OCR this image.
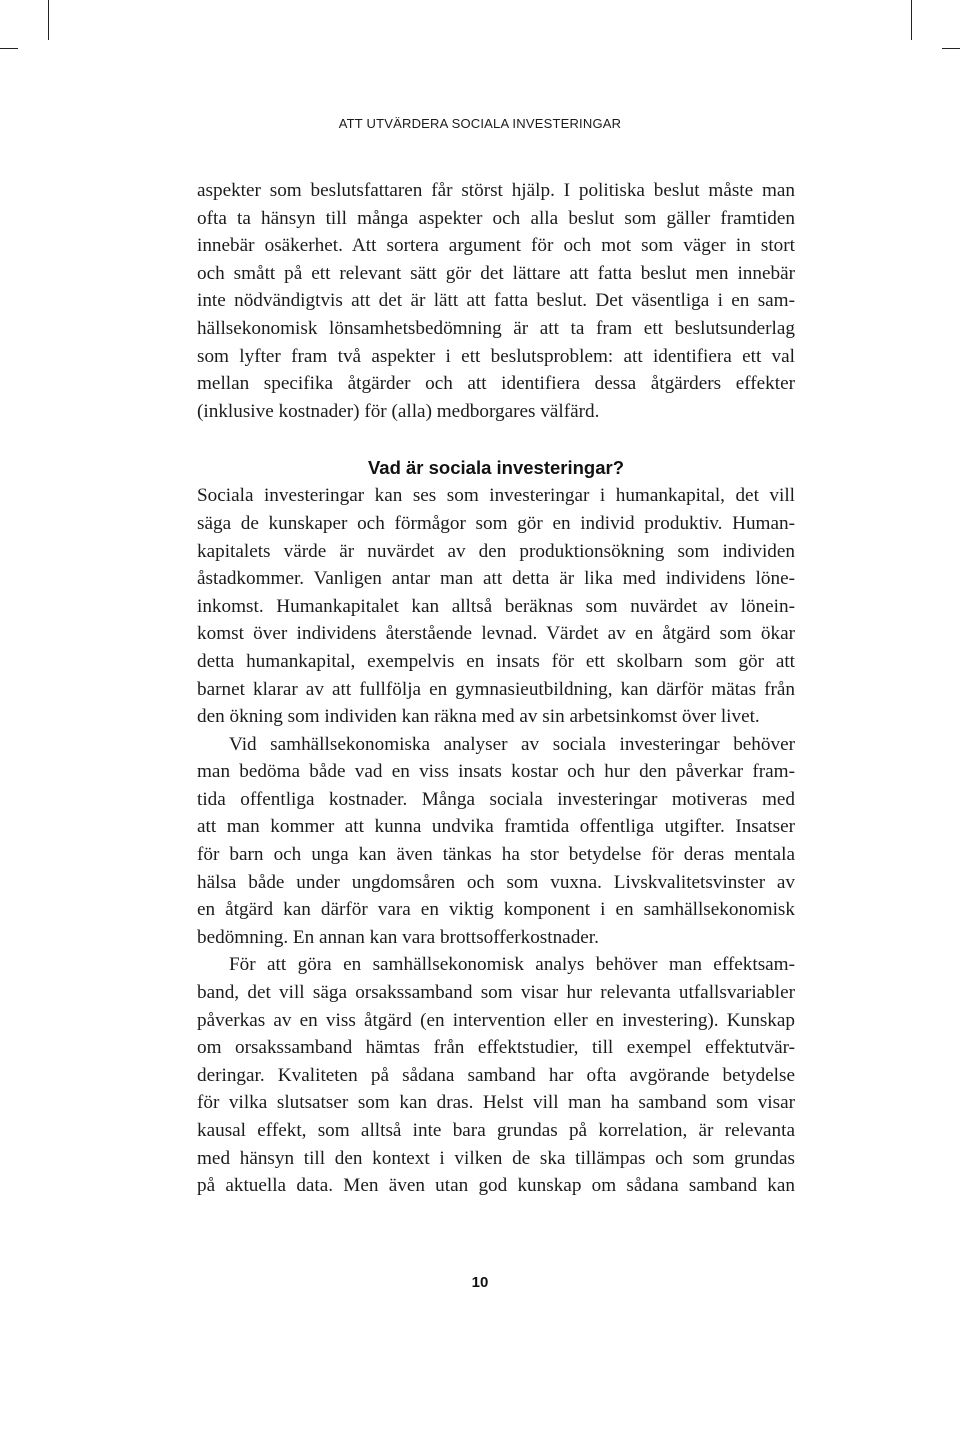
ATT UTVÄRDERA SOCIALA INVESTERINGAR
aspekter som beslutsfattaren får störst hjälp. I politiska beslut måste man
ofta ta hänsyn till många aspekter och alla beslut som gäller framtiden
innebär osäkerhet. Att sortera argument för och mot som väger in stort
och smått på ett relevant sätt gör det lättare att fatta beslut men innebär
inte nödvändigtvis att det är lätt att fatta beslut. Det väsentliga i en sam-
hällsekonomisk lönsamhetsbedömning är att ta fram ett beslutsunderlag
som lyfter fram två aspekter i ett beslutsproblem: att identifiera ett val
mellan specifika åtgärder och att identifiera dessa åtgärders effekter
(inklusive kostnader) för (alla) medborgares välfärd.
Vad är sociala investeringar?
Sociala investeringar kan ses som investeringar i humankapital, det vill
säga de kunskaper och förmågor som gör en individ produktiv. Human-
kapitalets värde är nuvärdet av den produktionsökning som individen
åstadkommer. Vanligen antar man att detta är lika med individens löne-
inkomst. Humankapitalet kan alltså beräknas som nuvärdet av lönein-
komst över individens återstående levnad. Värdet av en åtgärd som ökar
detta humankapital, exempelvis en insats för ett skolbarn som gör att
barnet klarar av att fullfölja en gymnasieutbildning, kan därför mätas från
den ökning som individen kan räkna med av sin arbetsinkomst över livet.
Vid samhällsekonomiska analyser av sociala investeringar behöver
man bedöma både vad en viss insats kostar och hur den påverkar fram-
tida offentliga kostnader. Många sociala investeringar motiveras med
att man kommer att kunna undvika framtida offentliga utgifter. Insatser
för barn och unga kan även tänkas ha stor betydelse för deras mentala
hälsa både under ungdomsåren och som vuxna. Livskvalitetsvinster av
en åtgärd kan därför vara en viktig komponent i en samhällsekonomisk
bedömning. En annan kan vara brottsofferkostnader.
För att göra en samhällsekonomisk analys behöver man effektsam-
band, det vill säga orsakssamband som visar hur relevanta utfallsvariabler
påverkas av en viss åtgärd (en intervention eller en investering). Kunskap
om orsakssamband hämtas från effektstudier, till exempel effektutvär-
deringar. Kvaliteten på sådana samband har ofta avgörande betydelse
för vilka slutsatser som kan dras. Helst vill man ha samband som visar
kausal effekt, som alltså inte bara grundas på korrelation, är relevanta
med hänsyn till den kontext i vilken de ska tillämpas och som grundas
på aktuella data. Men även utan god kunskap om sådana samband kan
10
